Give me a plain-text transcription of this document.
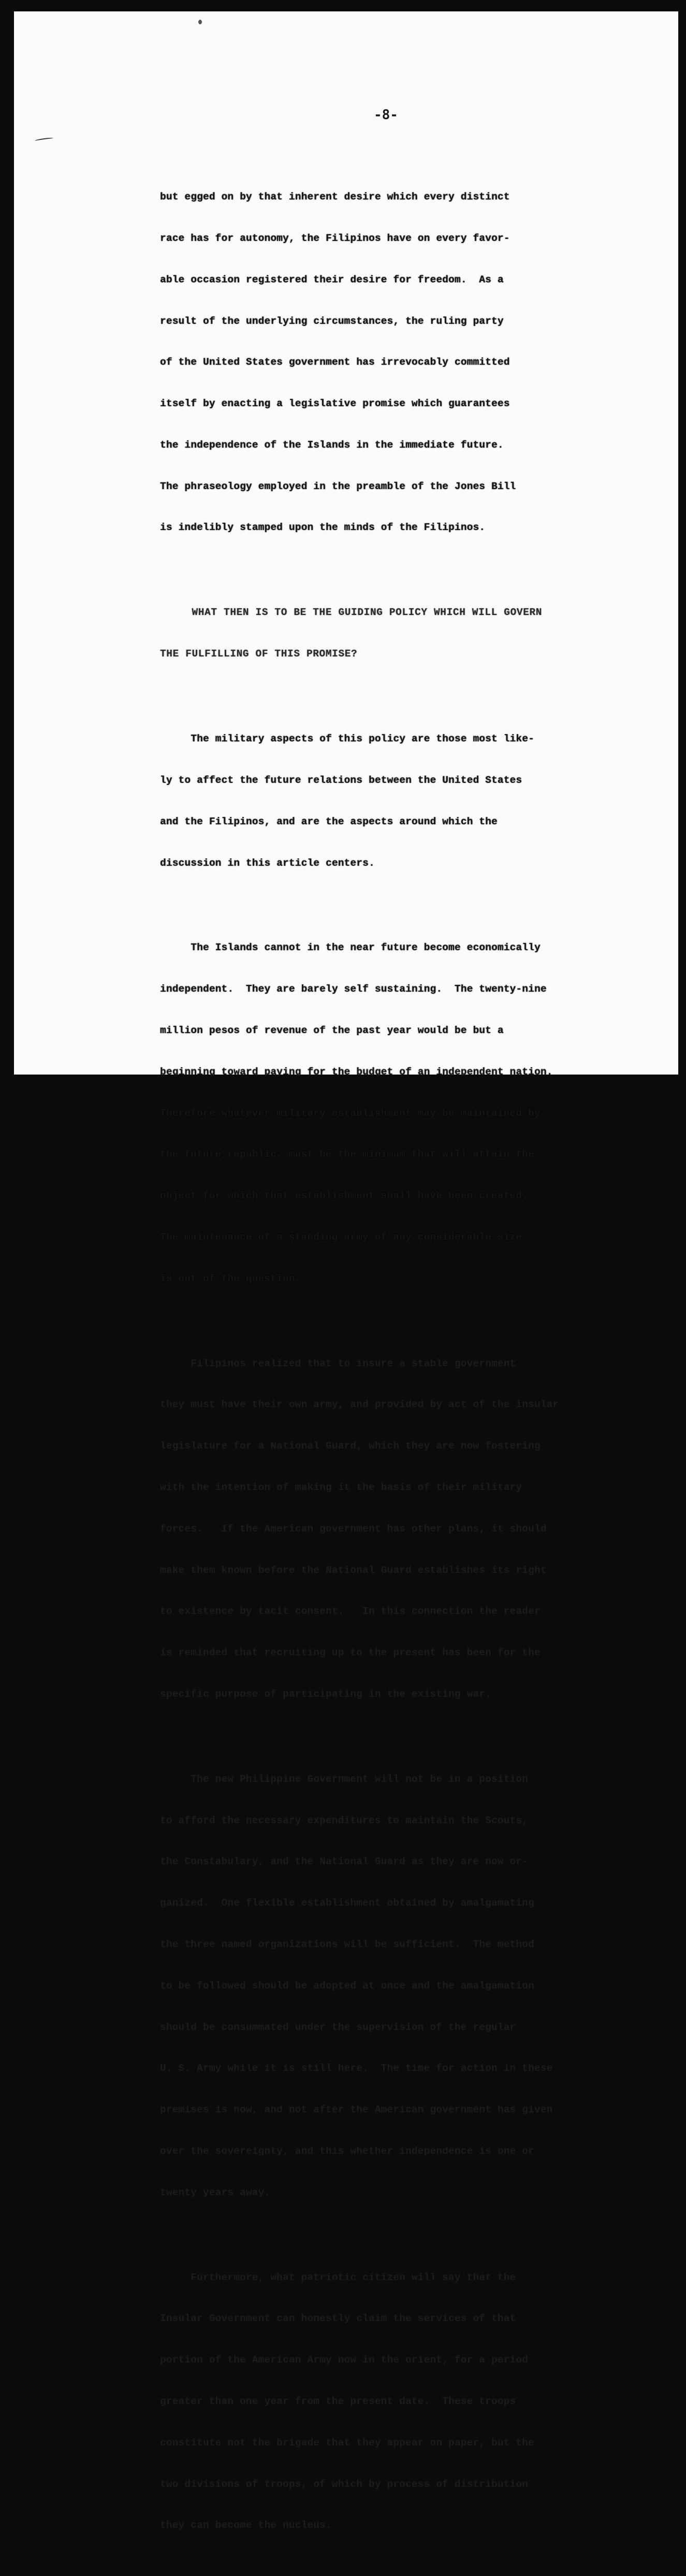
-8-

but egged on by that inherent desire which every distinct

race has for autonomy, the Filipinos have on every favor-

able occasion registered their desire for freedom.  As a

result of the underlying circumstances, the ruling party

of the United States government has irrevocably committed

itself by enacting a legislative promise which guarantees

the independence of the Islands in the immediate future.

The phraseology employed in the preamble of the Jones Bill

is indelibly stamped upon the minds of the Filipinos.

WHAT THEN IS TO BE THE GUIDING POLICY WHICH WILL GOVERN

THE FULFILLING OF THIS PROMISE?

The military aspects of this policy are those most like-

ly to affect the future relations between the United States

and the Filipinos, and are the aspects around which the

discussion in this article centers.

The Islands cannot in the near future become economically

independent.  They are barely self sustaining.  The twenty-nine

million pesos of revenue of the past year would be but a

beginning toward paying for the budget of an independent nation.

Therefore whatever military establishment may be maintained by

the future republic, must be the minimum that will attain the

object for which that establishment shall have been created.

The maintenance of a standing army of any considerable size

is out of the question.

Filipinos realized that to insure a stable government

they must have their own army, and provided by act of the insular

legislature for a National Guard, which they are now fostering

with the intention of making it the basis of their military

forces.   If the American government has other plans, it should

make them known before the National Guard establishes its right

to existence by tacit consent.   In this connection the reader

is reminded that recruiting up to the present has been for the

specific purpose of participating in the existing war.

The new Philippine Government will not be in a position

to afford the necessary expenditures to maintain the Scouts,

the Constabulary, and the National Guard as they are now or-

ganized.  One flexible establishment obtained by amalgamating

the three named organizations will be sufficient.  The method

to be followed should be adopted at once and the amalgamation

should be consummated under the supervision of the regular

U. S. Army while it is still here.  The time for action in these

premises is now, and not after the American government has given

over the sovereignty, and this whether independence is one or

twenty years away.

Furthermore, what patriotic citizen will say that the

Insular Government can honestly claim the services of that

portion of the American Army now in the orient, for a period

greater than one year from the present date.  These troops

constitute not the brigade that they appear on paper, but the

two divisions of troops, of which by process of distribution

they can become the nucleus.
